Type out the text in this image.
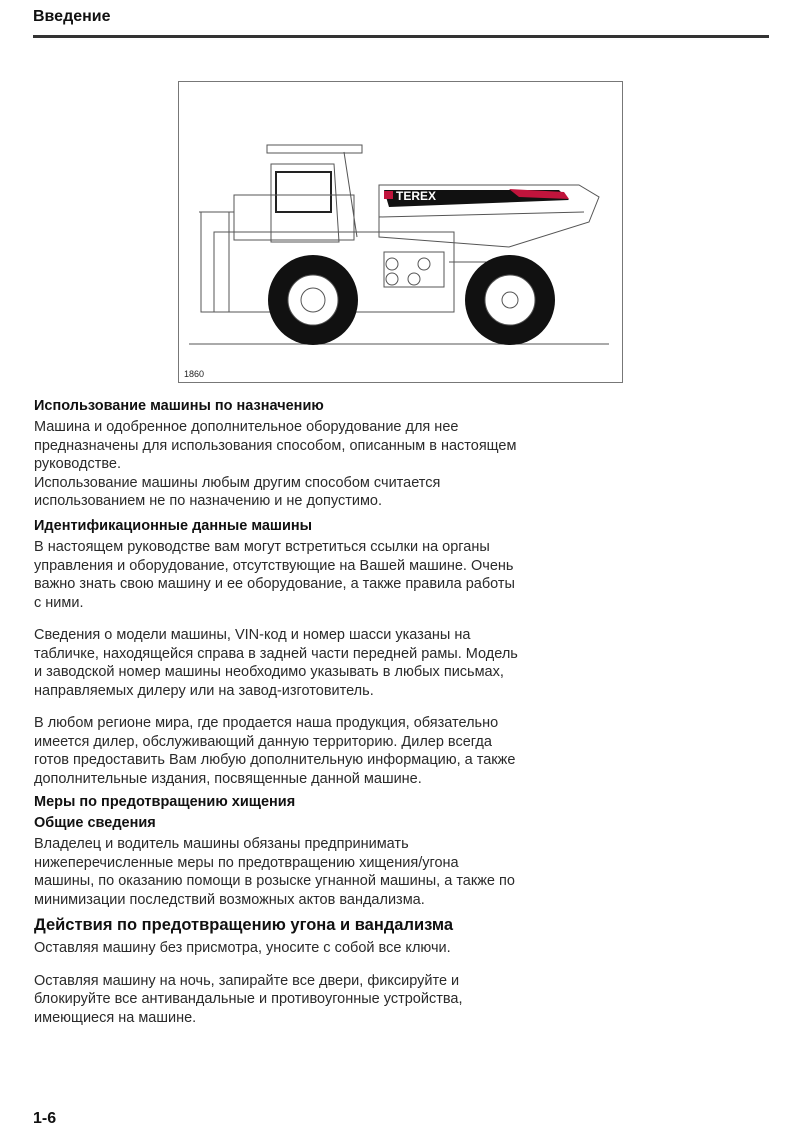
Введение
TEREX
1860
Использование машины по назначению
Машина и одобренное дополнительное оборудование для нее
предназначены для использования способом, описанным в настоящем
руководстве.
Использование машины любым другим способом считается
использованием не по назначению и не допустимо.
Идентификационные данные машины
В настоящем руководстве вам могут встретиться ссылки на органы
управления и оборудование, отсутствующие на Вашей машине. Очень
важно знать свою машину и ее оборудование, а также правила работы
с ними.
Сведения о модели машины, VIN-код и номер шасси указаны на
табличке, находящейся справа в задней части передней рамы. Модель
и заводской номер машины необходимо указывать в любых письмах,
направляемых дилеру или на завод-изготовитель.
В любом регионе мира, где продается наша продукция, обязательно
имеется дилер, обслуживающий данную территорию. Дилер всегда
готов предоставить Вам любую дополнительную информацию, а также
дополнительные издания, посвященные данной машине.
Меры по предотвращению хищения
Общие сведения
Владелец и водитель машины обязаны предпринимать
нижеперечисленные меры по предотвращению хищения/угона
машины, по оказанию помощи в розыске угнанной машины, а также по
минимизации последствий возможных актов вандализма.
Действия по предотвращению угона и вандализма
Оставляя машину без присмотра, уносите с собой все ключи.
Оставляя машину на ночь, запирайте все двери, фиксируйте и
блокируйте все антивандальные и противоугонные устройства,
имеющиеся на машине.
1-6
